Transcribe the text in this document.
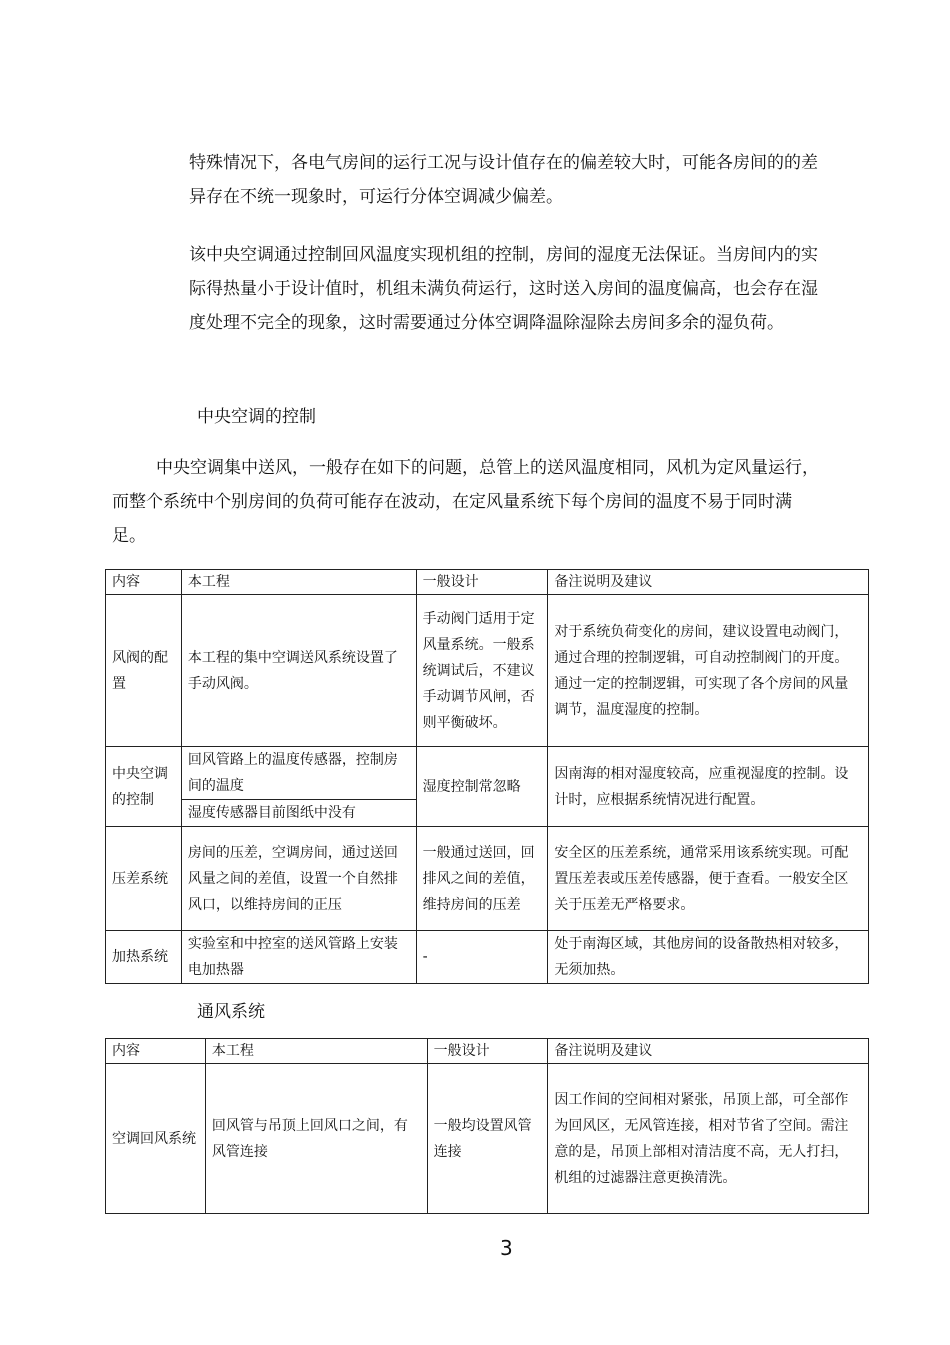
特殊情况下，各电气房间的运行工况与设计值存在的偏差较大时，可能各房间的的差异存在不统一现象时，可运行分体空调减少偏差。

该中央空调通过控制回风温度实现机组的控制，房间的湿度无法保证。当房间内的实际得热量小于设计值时，机组未满负荷运行，这时送入房间的温度偏高，也会存在湿度处理不完全的现象，这时需要通过分体空调降温除湿除去房间多余的湿负荷。

中央空调的控制

中央空调集中送风，一般存在如下的问题，总管上的送风温度相同，风机为定风量运行，而整个系统中个别房间的负荷可能存在波动，在定风量系统下每个房间的温度不易于同时满足。

内容	本工程	一般设计	备注说明及建议
风阀的配置	本工程的集中空调送风系统设置了手动风阀。	手动阀门适用于定风量系统。一般系统调试后，不建议手动调节风闸，否则平衡破坏。	对于系统负荷变化的房间，建议设置电动阀门，通过合理的控制逻辑，可自动控制阀门的开度。通过一定的控制逻辑，可实现了各个房间的风量调节，温度湿度的控制。
中央空调的控制	回风管路上的温度传感器，控制房间的温度	湿度控制常忽略	因南海的相对湿度较高，应重视湿度的控制。设计时，应根据系统情况进行配置。
	湿度传感器目前图纸中没有		
压差系统	房间的压差，空调房间，通过送回风量之间的差值，设置一个自然排风口，以维持房间的正压	一般通过送回，回排风之间的差值，维持房间的压差	安全区的压差系统，通常采用该系统实现。可配置压差表或压差传感器，便于查看。一般安全区关于压差无严格要求。
加热系统	实验室和中控室的送风管路上安装电加热器	-	处于南海区域，其他房间的设备散热相对较多，无须加热。

通风系统

内容	本工程	一般设计	备注说明及建议
空调回风系统	回风管与吊顶上回风口之间，有风管连接	一般均设置风管连接	因工作间的空间相对紧张，吊顶上部，可全部作为回风区，无风管连接，相对节省了空间。需注意的是，吊顶上部相对清洁度不高，无人打扫，机组的过滤器注意更换清洗。
3
